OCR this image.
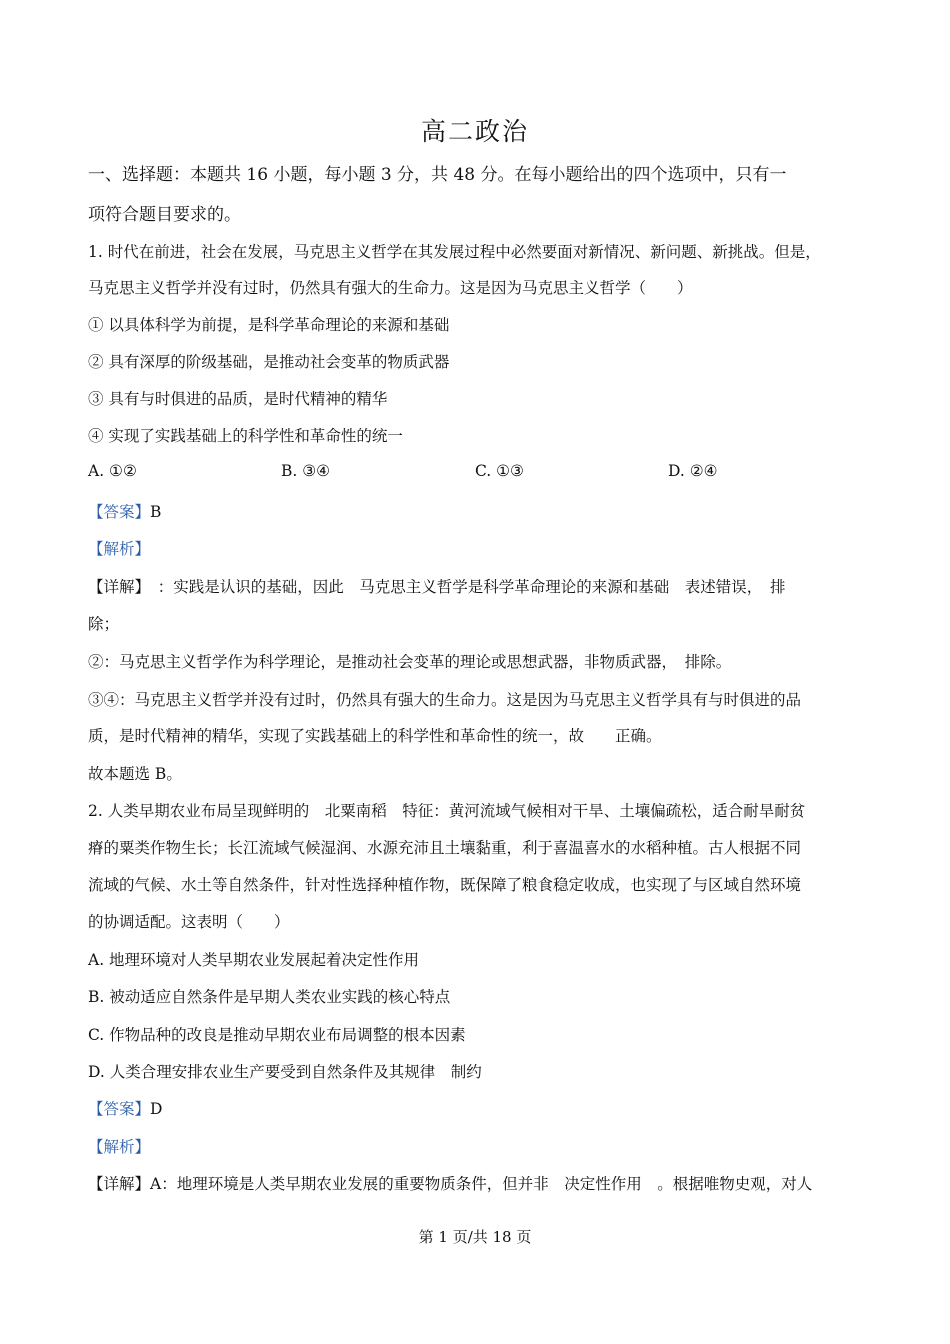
高二政治
一、选择题：本题共 16 小题，每小题 3 分，共 48 分。在每小题给出的四个选项中，只有一
项符合题目要求的。
1. 时代在前进，社会在发展，马克思主义哲学在其发展过程中必然要面对新情况、新问题、新挑战。但是，
马克思主义哲学并没有过时，仍然具有强大的生命力。这是因为马克思主义哲学（　　）
① 以具体科学为前提，是科学革命理论的来源和基础
② 具有深厚的阶级基础，是推动社会变革的物质武器
③ 具有与时俱进的品质，是时代精神的精华
④ 实现了实践基础上的科学性和革命性的统一
A. ①②	B. ③④	C. ①③	D. ②④
【答案】B
【解析】
【详解】　：实践是认识的基础，因此　马克思主义哲学是科学革命理论的来源和基础　表述错误，　排
除；
②：马克思主义哲学作为科学理论，是推动社会变革的理论或思想武器，非物质武器，　排除。
③④：马克思主义哲学并没有过时，仍然具有强大的生命力。这是因为马克思主义哲学具有与时俱进的品
质，是时代精神的精华，实现了实践基础上的科学性和革命性的统一，故　　正确。
故本题选 B。
2. 人类早期农业布局呈现鲜明的　北粟南稻　特征：黄河流域气候相对干旱、土壤偏疏松，适合耐旱耐贫
瘠的粟类作物生长；长江流域气候湿润、水源充沛且土壤黏重，利于喜温喜水的水稻种植。古人根据不同
流域的气候、水土等自然条件，针对性选择种植作物，既保障了粮食稳定收成，也实现了与区域自然环境
的协调适配。这表明（　　）
A. 地理环境对人类早期农业发展起着决定性作用
B. 被动适应自然条件是早期人类农业实践的核心特点
C. 作物品种的改良是推动早期农业布局调整的根本因素
D. 人类合理安排农业生产要受到自然条件及其规律　制约
【答案】D
【解析】
【详解】A：地理环境是人类早期农业发展的重要物质条件，但并非　决定性作用　。根据唯物史观，对人
第 1 页/共 18 页
